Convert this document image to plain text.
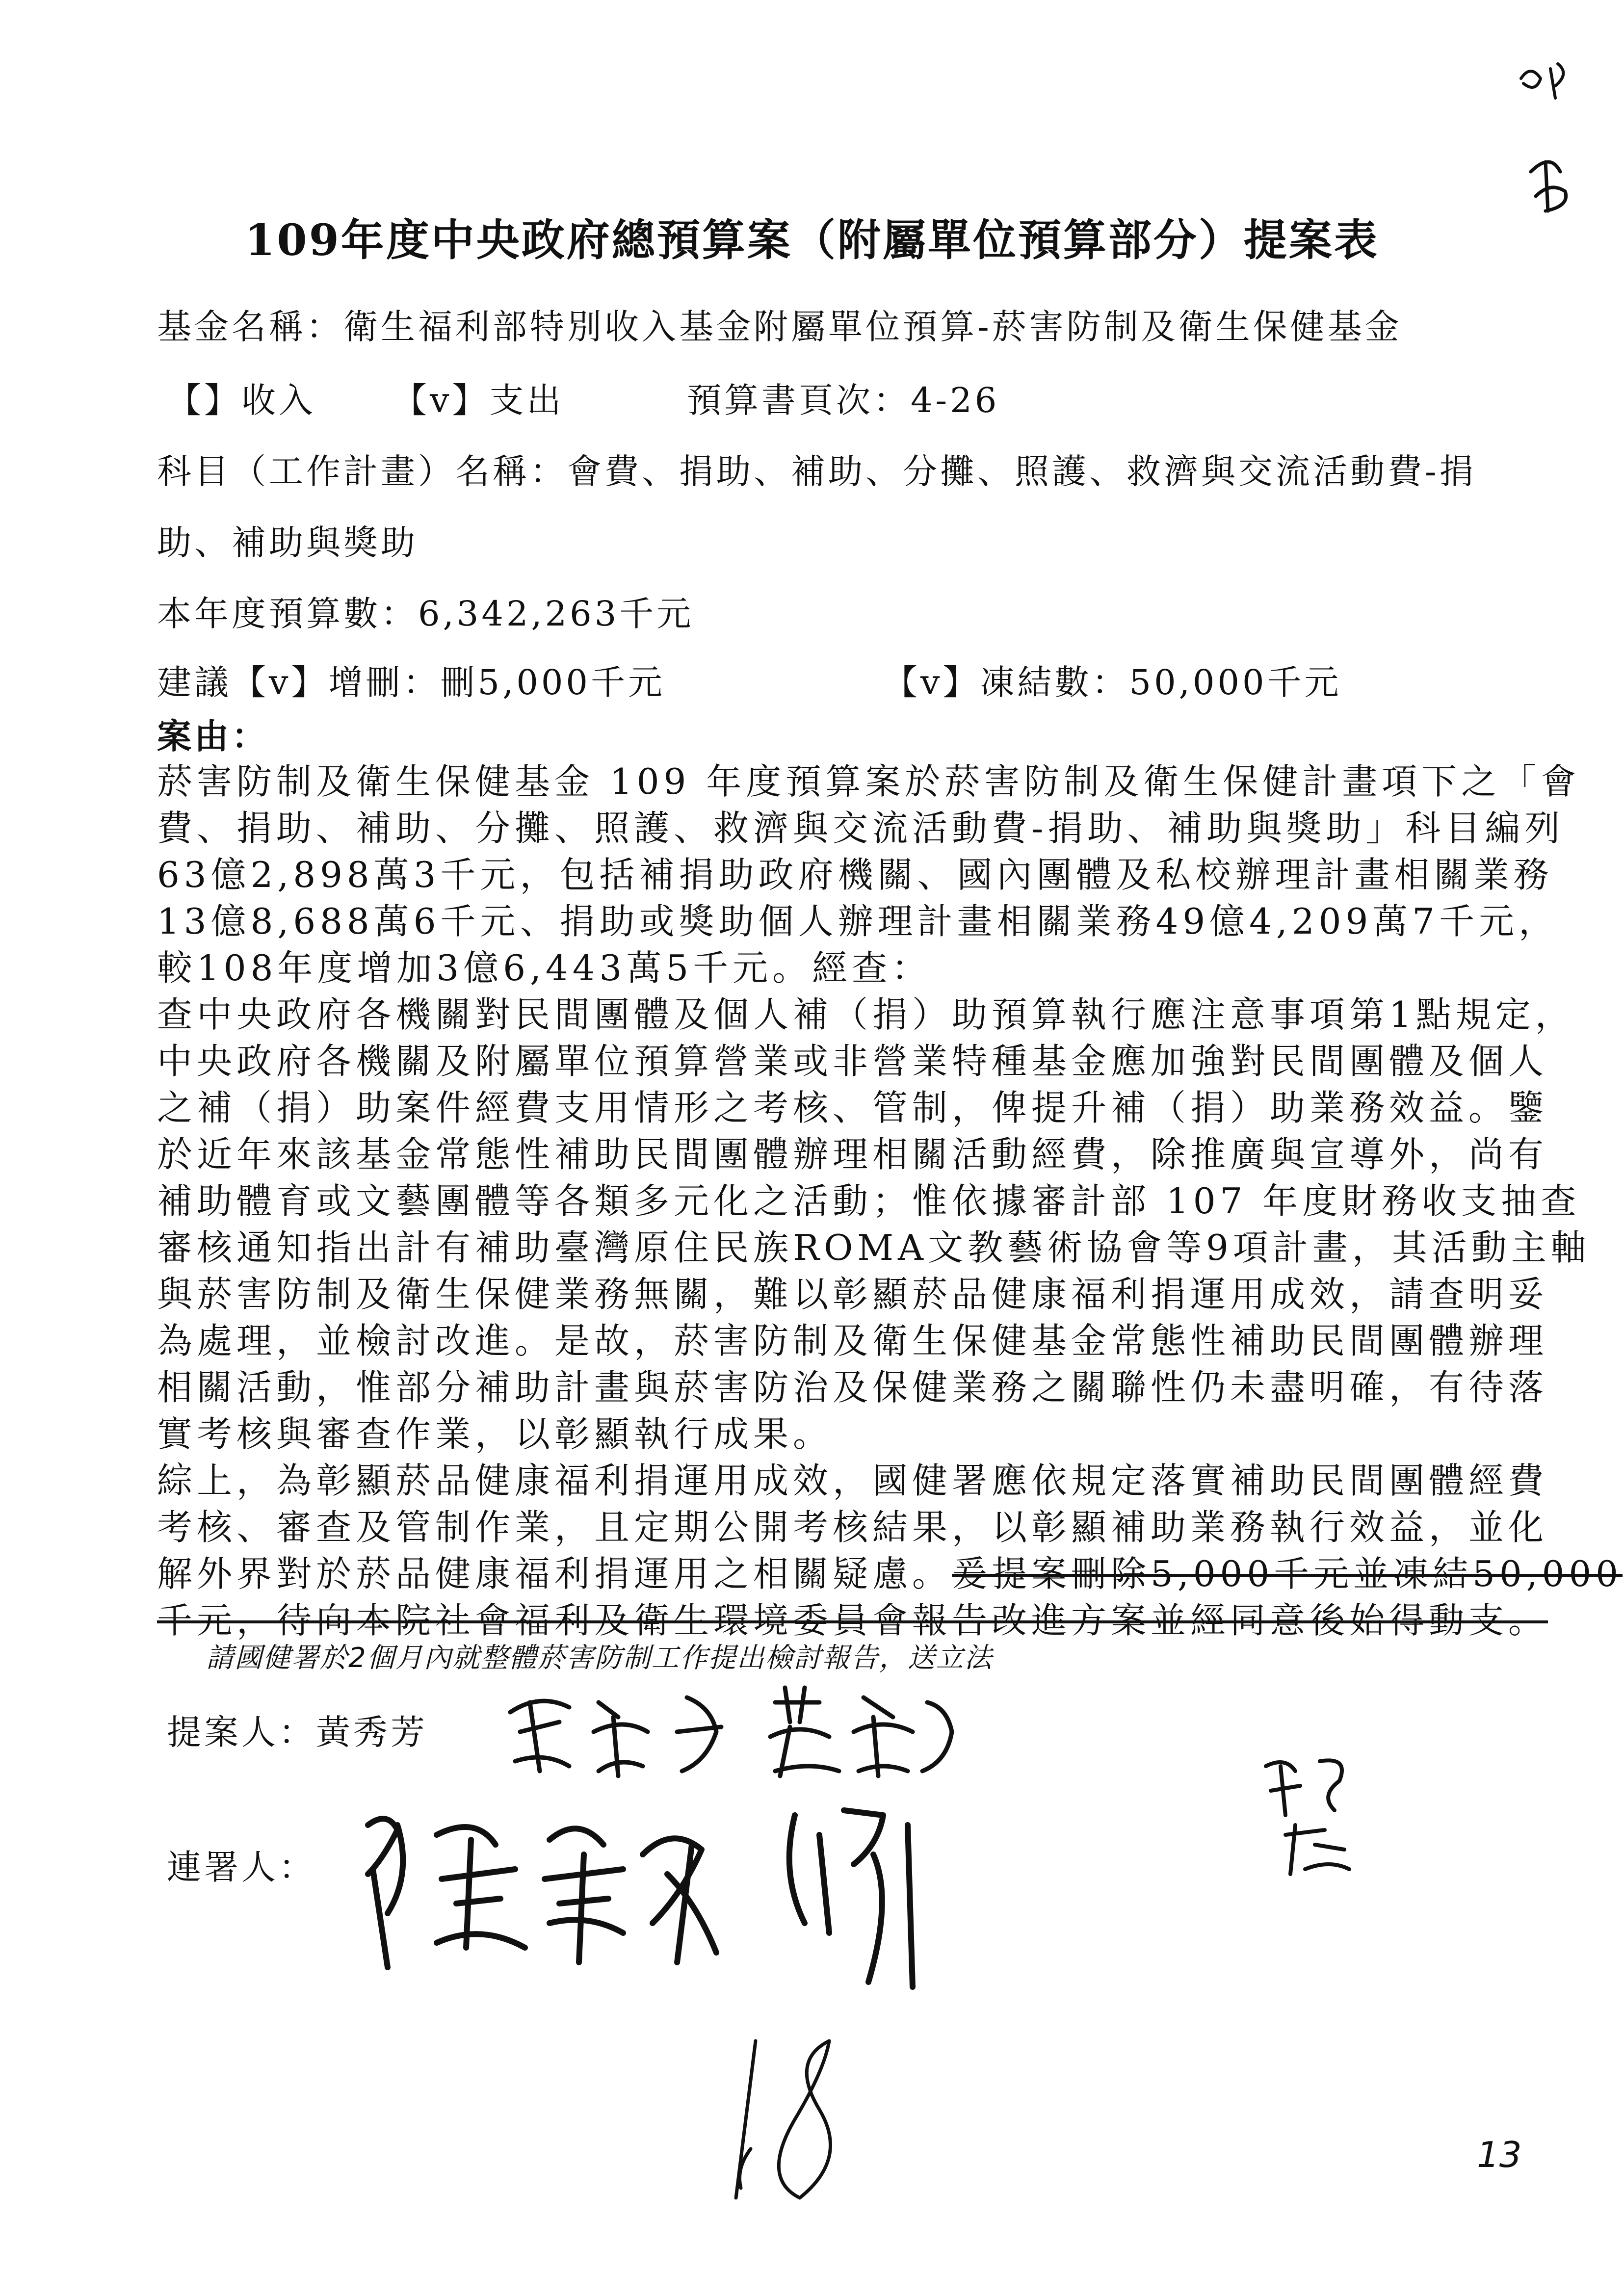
109年度中央政府總預算案（附屬單位預算部分）提案表
基金名稱：衛生福利部特別收入基金附屬單位預算-菸害防制及衛生保健基金
【】收入 【v】支出	預算書頁次：4-26
科目（工作計畫）名稱：會費、捐助、補助、分攤、照護、救濟與交流活動費-捐
助、補助與獎助
本年度預算數：6,342,263千元
建議【v】增刪：刪5,000千元	【v】凍結數：50,000千元
案由：
菸害防制及衛生保健基金 109 年度預算案於菸害防制及衛生保健計畫項下之「會
費、捐助、補助、分攤、照護、救濟與交流活動費-捐助、補助與獎助」科目編列
63億2,898萬3千元，包括補捐助政府機關、國內團體及私校辦理計畫相關業務
13億8,688萬6千元、捐助或獎助個人辦理計畫相關業務49億4,209萬7千元，
較108年度增加3億6,443萬5千元。經查：
查中央政府各機關對民間團體及個人補（捐）助預算執行應注意事項第1點規定，
中央政府各機關及附屬單位預算營業或非營業特種基金應加強對民間團體及個人
之補（捐）助案件經費支用情形之考核、管制，俾提升補（捐）助業務效益。鑒
於近年來該基金常態性補助民間團體辦理相關活動經費，除推廣與宣導外，尚有
補助體育或文藝團體等各類多元化之活動；惟依據審計部 107 年度財務收支抽查
審核通知指出計有補助臺灣原住民族ROMA文教藝術協會等9項計畫，其活動主軸
與菸害防制及衛生保健業務無關，難以彰顯菸品健康福利捐運用成效，請查明妥
為處理，並檢討改進。是故，菸害防制及衛生保健基金常態性補助民間團體辦理
相關活動，惟部分補助計畫與菸害防治及保健業務之關聯性仍未盡明確，有待落
實考核與審查作業，以彰顯執行成果。
綜上，為彰顯菸品健康福利捐運用成效，國健署應依規定落實補助民間團體經費
考核、審查及管制作業，且定期公開考核結果，以彰顯補助業務執行效益，並化
解外界對於菸品健康福利捐運用之相關疑慮。爰提案刪除5,000千元並凍結50,000
千元，待向本院社會福利及衛生環境委員會報告改進方案並經同意後始得動支。
請國健署於2個月內就整體菸害防制工作提出檢討報告，送立法
提案人：黃秀芳
連署人：
13
